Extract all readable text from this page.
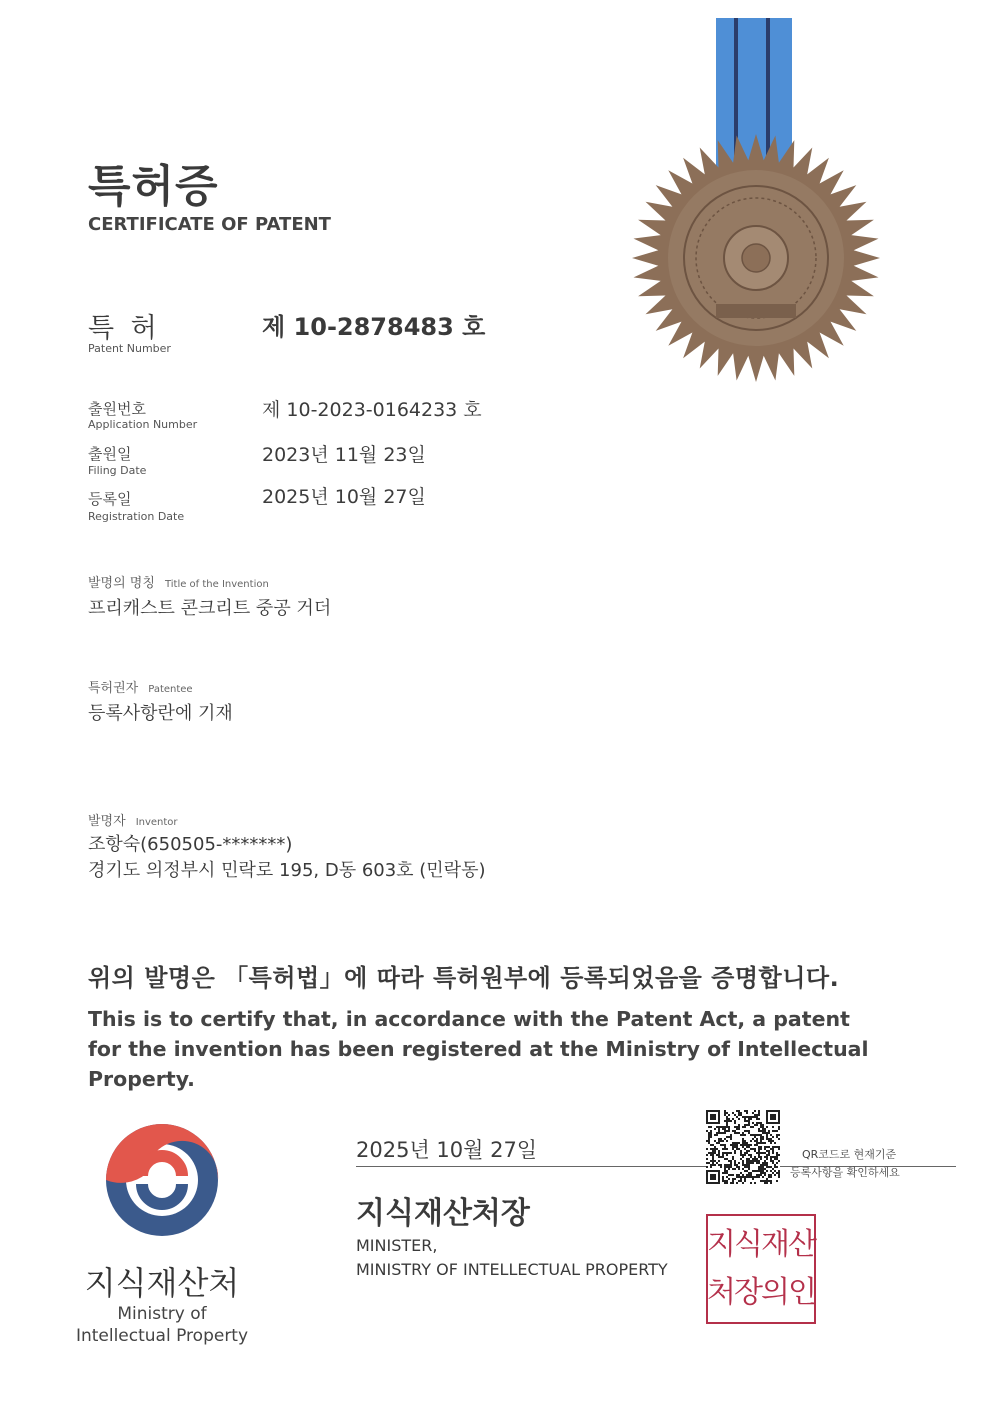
특허증
CERTIFICATE OF PATENT
특 허
Patent Number
제 10-2878483 호
출원번호
Application Number
제 10-2023-0164233 호
출원일
Filing Date
2023년 11월 23일
등록일
Registration Date
2025년 10월 27일
발명의 명칭 Title of the Invention
프리캐스트 콘크리트 중공 거더
특허권자 Patentee
등록사항란에 기재
발명자 Inventor
조항숙(650505-*******)
경기도 의정부시 민락로 195, D동 603호 (민락동)
위의 발명은 「특허법」에 따라 특허원부에 등록되었음을 증명합니다.
This is to certify that, in accordance with the Patent Act, a patent for the invention has been registered at the Ministry of Intellectual Property.
지식재산처
Ministry of
Intellectual Property
2025년 10월 27일
지식재산처장
MINISTER,
MINISTRY OF INTELLECTUAL PROPERTY
QR코드로 현재기준
등록사항을 확인하세요
지식재산
처장의인
